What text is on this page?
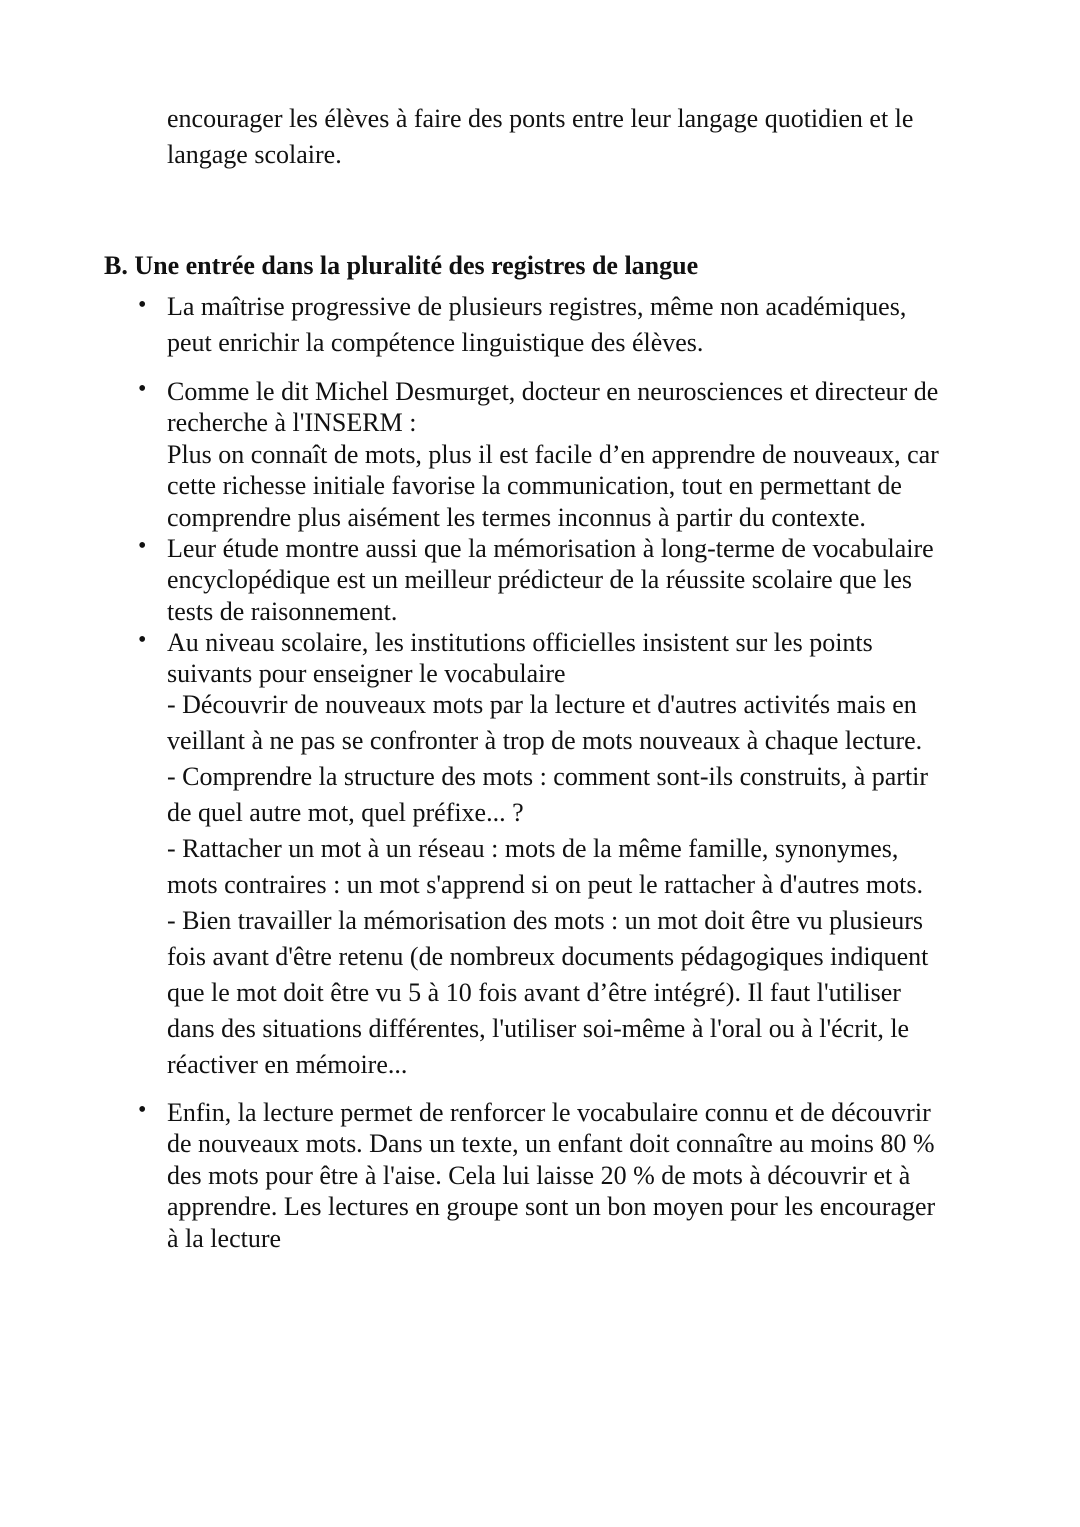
encourager les élèves à faire des ponts entre leur langage quotidien et le
langage scolaire.

B. Une entrée dans la pluralité des registres de langue
• La maîtrise progressive de plusieurs registres, même non académiques,
peut enrichir la compétence linguistique des élèves.
• Comme le dit Michel Desmurget, docteur en neurosciences et directeur de
recherche à l'INSERM :
Plus on connaît de mots, plus il est facile d’en apprendre de nouveaux, car
cette richesse initiale favorise la communication, tout en permettant de
comprendre plus aisément les termes inconnus à partir du contexte.
• Leur étude montre aussi que la mémorisation à long-terme de vocabulaire
encyclopédique est un meilleur prédicteur de la réussite scolaire que les
tests de raisonnement.
• Au niveau scolaire, les institutions officielles insistent sur les points
suivants pour enseigner le vocabulaire
- Découvrir de nouveaux mots par la lecture et d'autres activités mais en
veillant à ne pas se confronter à trop de mots nouveaux à chaque lecture.
- Comprendre la structure des mots : comment sont-ils construits, à partir
de quel autre mot, quel préfixe... ?
- Rattacher un mot à un réseau : mots de la même famille, synonymes,
mots contraires : un mot s'apprend si on peut le rattacher à d'autres mots.
- Bien travailler la mémorisation des mots : un mot doit être vu plusieurs
fois avant d'être retenu (de nombreux documents pédagogiques indiquent
que le mot doit être vu 5 à 10 fois avant d’être intégré). Il faut l'utiliser
dans des situations différentes, l'utiliser soi-même à l'oral ou à l'écrit, le
réactiver en mémoire...
• Enfin, la lecture permet de renforcer le vocabulaire connu et de découvrir
de nouveaux mots. Dans un texte, un enfant doit connaître au moins 80 %
des mots pour être à l'aise. Cela lui laisse 20 % de mots à découvrir et à
apprendre. Les lectures en groupe sont un bon moyen pour les encourager
à la lecture
